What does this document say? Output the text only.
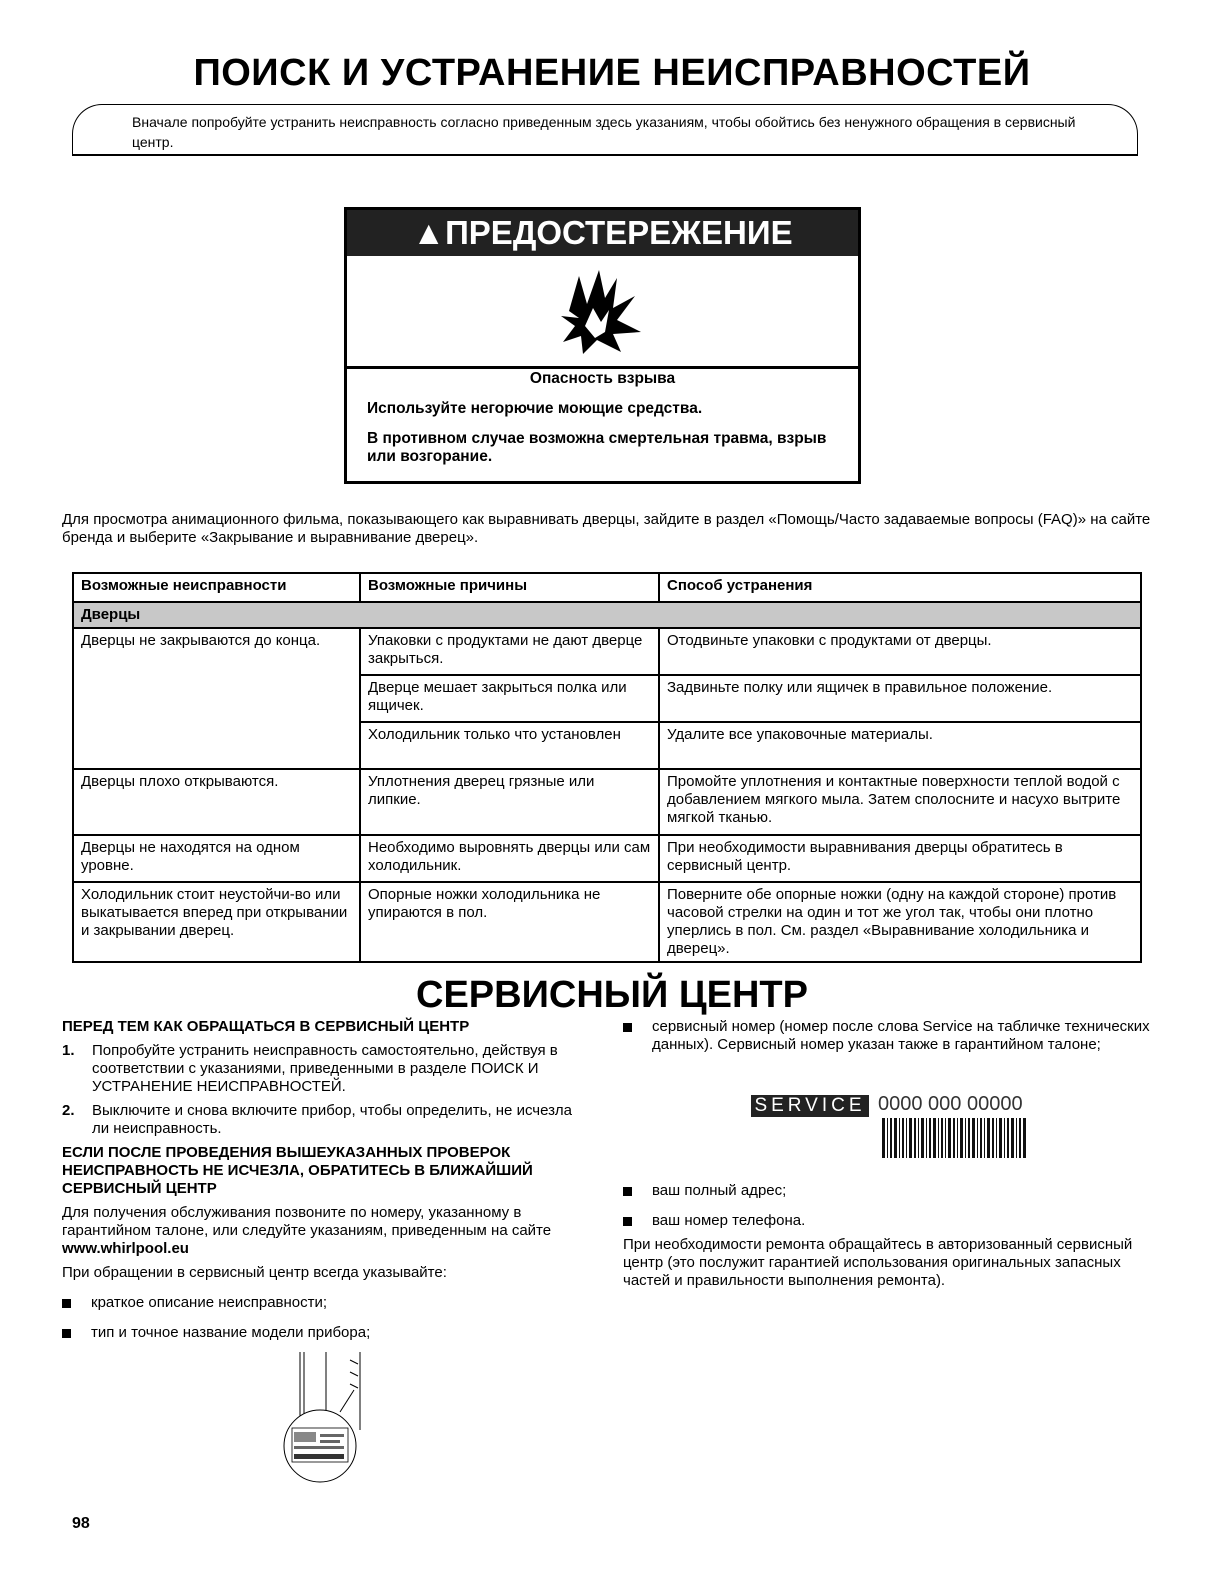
ПОИСК И УСТРАНЕНИЕ НЕИСПРАВНОСТЕЙ
Вначале попробуйте устранить неисправность согласно приведенным здесь указаниям, чтобы обойтись без ненужного обращения в сервисный центр.
▲ПРЕДОСТЕРЕЖЕНИЕ

Опасность взрыва

Используйте негорючие моющие средства.

В противном случае возможна смертельная травма, взрыв или возгорание.

Для просмотра анимационного фильма, показывающего как выравнивать дверцы, зайдите в раздел «Помощь/Часто задаваемые вопросы (FAQ)» на сайте бренда и выберите «Закрывание и выравнивание дверец».
Возможные неисправности	Возможные причины	Способ устранения
Дверцы		
Дверцы не закрываются до конца.	Упаковки с продуктами не дают дверце закрыться.	Отодвиньте упаковки с продуктами от дверцы.
	Дверце мешает закрыться полка или ящичек.	Задвиньте полку или ящичек в правильное положение.
	Холодильник только что установлен	Удалите все упаковочные материалы.
Дверцы плохо открываются.	Уплотнения дверец грязные или липкие.	Промойте уплотнения и контактные поверхности теплой водой с добавлением мягкого мыла. Затем сполосните и насухо вытрите мягкой тканью.
Дверцы не находятся на одном уровне.	Необходимо выровнять дверцы или сам холодильник.	При необходимости выравнивания дверцы обратитесь в сервисный центр.
Холодильник стоит неустойчи-во или выкатывается вперед при открывании и закрывании дверец.	Опорные ножки холодильника не упираются в пол.	Поверните обе опорные ножки (одну на каждой стороне) против часовой стрелки на один и тот же угол так, чтобы они плотно уперлись в пол. См. раздел «Выравнивание холодильника и дверец».
СЕРВИСНЫЙ ЦЕНТР

ПЕРЕД ТЕМ КАК ОБРАЩАТЬСЯ В СЕРВИСНЫЙ ЦЕНТР

1.	Попробуйте устранить неисправность самостоятельно, действуя в соответствии с указаниями, приведенными в разделе ПОИСК И УСТРАНЕНИЕ НЕИСПРАВНОСТЕЙ.
2.	Выключите и снова включите прибор, чтобы определить, не исчезла ли неисправность.

ЕСЛИ ПОСЛЕ ПРОВЕДЕНИЯ ВЫШЕУКАЗАННЫХ ПРОВЕРОК НЕИСПРАВНОСТЬ НЕ ИСЧЕЗЛА, ОБРАТИТЕСЬ В БЛИЖАЙШИЙ СЕРВИСНЫЙ ЦЕНТР

Для получения обслуживания позвоните по номеру, указанному в гарантийном талоне, или следуйте указаниям, приведенным на сайте www.whirlpool.eu

При обращении в сервисный центр всегда указывайте:

краткое описание неисправности;
тип и точное название модели прибора;
сервисный номер (номер после слова Service на табличке технических данных). Сервисный номер указан также в гарантийном талоне;
SERVICE 0000 000 00000
ваш полный адрес;
ваш номер телефона.

При необходимости ремонта обращайтесь в авторизованный сервисный центр (это послужит гарантией использования оригинальных запасных частей и правильности выполнения ремонта).

98
